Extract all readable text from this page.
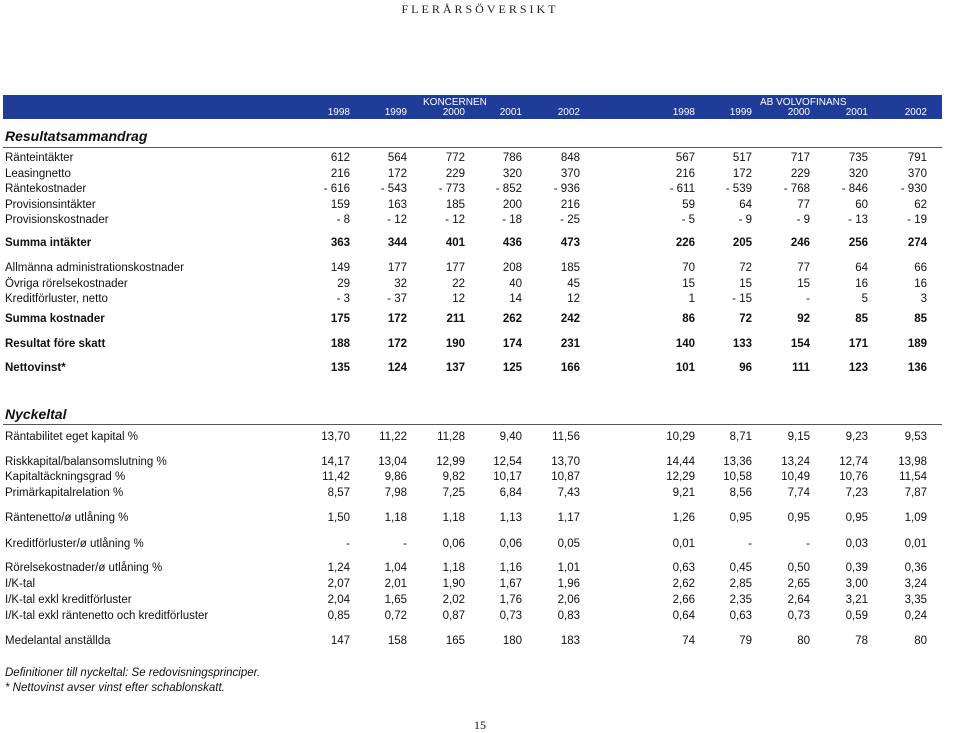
FLERÅRSÖVERSIKT
KONCERNEN	AB VOLVOFINANS
1998	1999	2000	2001	2002	1998	1999	2000	2001	2002
Resultatsammandrag
Ränteintäkter	612	564	772	786	848	567	517	717	735	791
Leasingnetto	216	172	229	320	370	216	172	229	320	370
Räntekostnader	- 616	- 543	- 773	- 852	- 936	- 611	- 539	- 768	- 846	- 930
Provisionsintäkter	159	163	185	200	216	59	64	77	60	62
Provisionskostnader	- 8	- 12	- 12	- 18	- 25	- 5	- 9	- 9	- 13	- 19
Summa intäkter	363	344	401	436	473	226	205	246	256	274
Allmänna administrationskostnader	149	177	177	208	185	70	72	77	64	66
Övriga rörelsekostnader	29	32	22	40	45	15	15	15	16	16
Kreditförluster, netto	- 3	- 37	12	14	12	1	- 15	-	5	3
Summa kostnader	175	172	211	262	242	86	72	92	85	85
Resultat före skatt	188	172	190	174	231	140	133	154	171	189
Nettovinst*	135	124	137	125	166	101	96	111	123	136
Nyckeltal
Räntabilitet eget kapital %	13,70	11,22	11,28	9,40	11,56	10,29	8,71	9,15	9,23	9,53
Riskkapital/balansomslutning %	14,17	13,04	12,99	12,54	13,70	14,44	13,36	13,24	12,74	13,98
Kapitaltäckningsgrad %	11,42	9,86	9,82	10,17	10,87	12,29	10,58	10,49	10,76	11,54
Primärkapitalrelation %	8,57	7,98	7,25	6,84	7,43	9,21	8,56	7,74	7,23	7,87
Räntenetto/ø utlåning %	1,50	1,18	1,18	1,13	1,17	1,26	0,95	0,95	0,95	1,09
Kreditförluster/ø utlåning %	-	-	0,06	0,06	0,05	0,01	-	-	0,03	0,01
Rörelsekostnader/ø utlåning %	1,24	1,04	1,18	1,16	1,01	0,63	0,45	0,50	0,39	0,36
I/K-tal	2,07	2,01	1,90	1,67	1,96	2,62	2,85	2,65	3,00	3,24
I/K-tal exkl kreditförluster	2,04	1,65	2,02	1,76	2,06	2,66	2,35	2,64	3,21	3,35
I/K-tal exkl räntenetto och kreditförluster	0,85	0,72	0,87	0,73	0,83	0,64	0,63	0,73	0,59	0,24
Medelantal anställda	147	158	165	180	183	74	79	80	78	80
Definitioner till nyckeltal: Se redovisningsprinciper.
* Nettovinst avser vinst efter schablonskatt.
15
